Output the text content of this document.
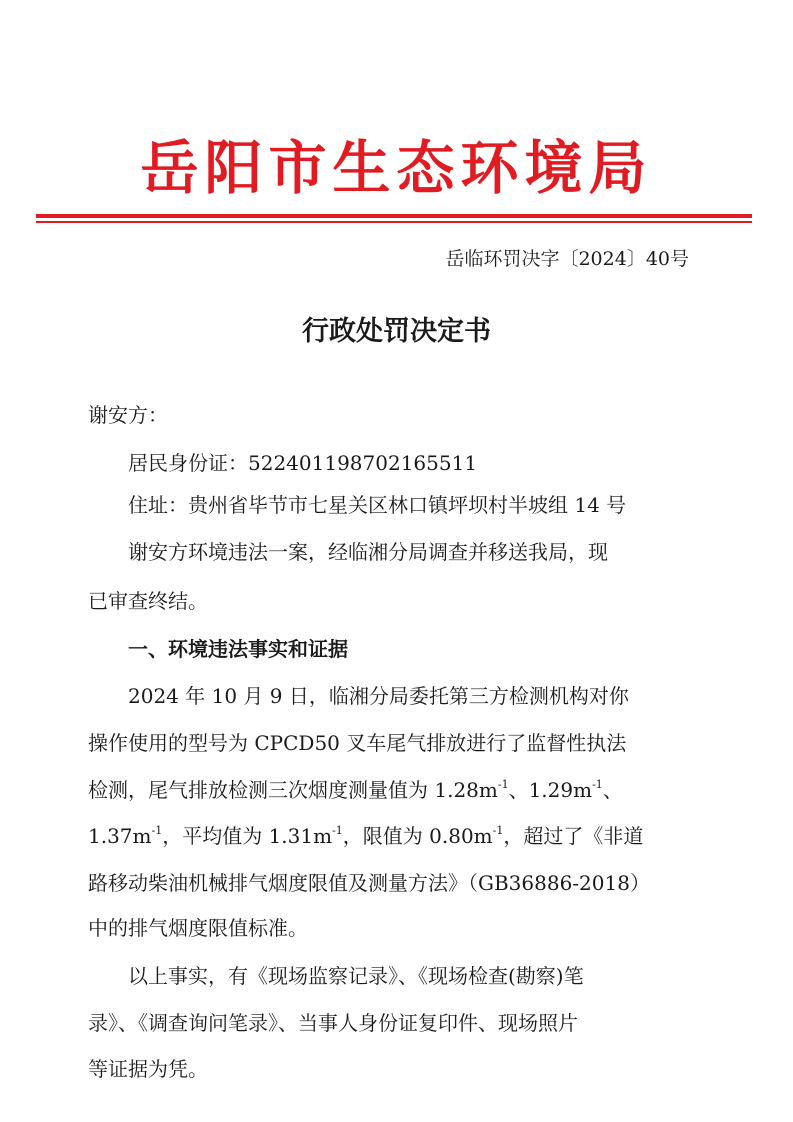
岳阳市生态环境局
岳临环罚决字〔2024〕40号
行政处罚决定书
谢安方：
居民身份证：522401198702165511
住址：贵州省毕节市七星关区林口镇坪坝村半坡组 14 号
谢安方环境违法一案，经临湘分局调查并移送我局，现
已审查终结。
一、环境违法事实和证据
2024 年 10 月 9 日，临湘分局委托第三方检测机构对你
操作使用的型号为 CPCD50 叉车尾气排放进行了监督性执法
检测，尾气排放检测三次烟度测量值为 $1.28m^{-1}$、$1.29m^{-1}$、
$1.37m^{-1}$，平均值为 $1.31m^{-1}$，限值为 $0.80m^{-1}$，超过了《非道
路移动柴油机械排气烟度限值及测量方法》（GB36886-2018）
中的排气烟度限值标准。
以上事实，有《现场监察记录》、《现场检查(勘察)笔
录》、《调查询问笔录》、当事人身份证复印件、现场照片
等证据为凭。
